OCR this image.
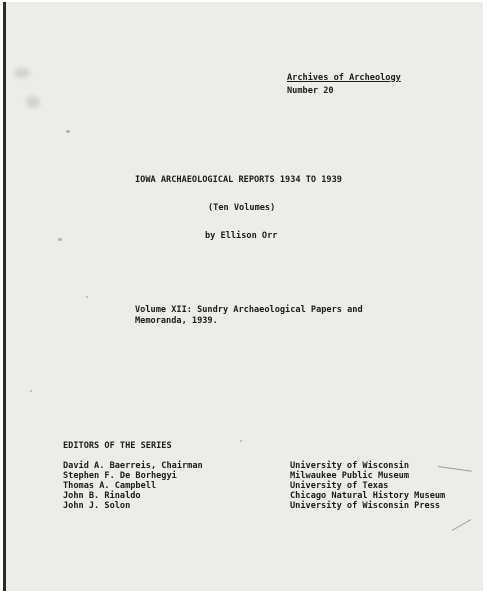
Archives of Archeology
Number 20
IOWA ARCHAEOLOGICAL REPORTS 1934 TO 1939
(Ten Volumes)
by Ellison Orr
Volume XII: Sundry Archaeological Papers and
Memoranda, 1939.
EDITORS OF THE SERIES
David A. Baerreis, Chairman
Stephen F. De Borhegyi
Thomas A. Campbell
John B. Rinaldo
John J. Solon
University of Wisconsin
Milwaukee Public Museum
University of Texas
Chicago Natural History Museum
University of Wisconsin Press
